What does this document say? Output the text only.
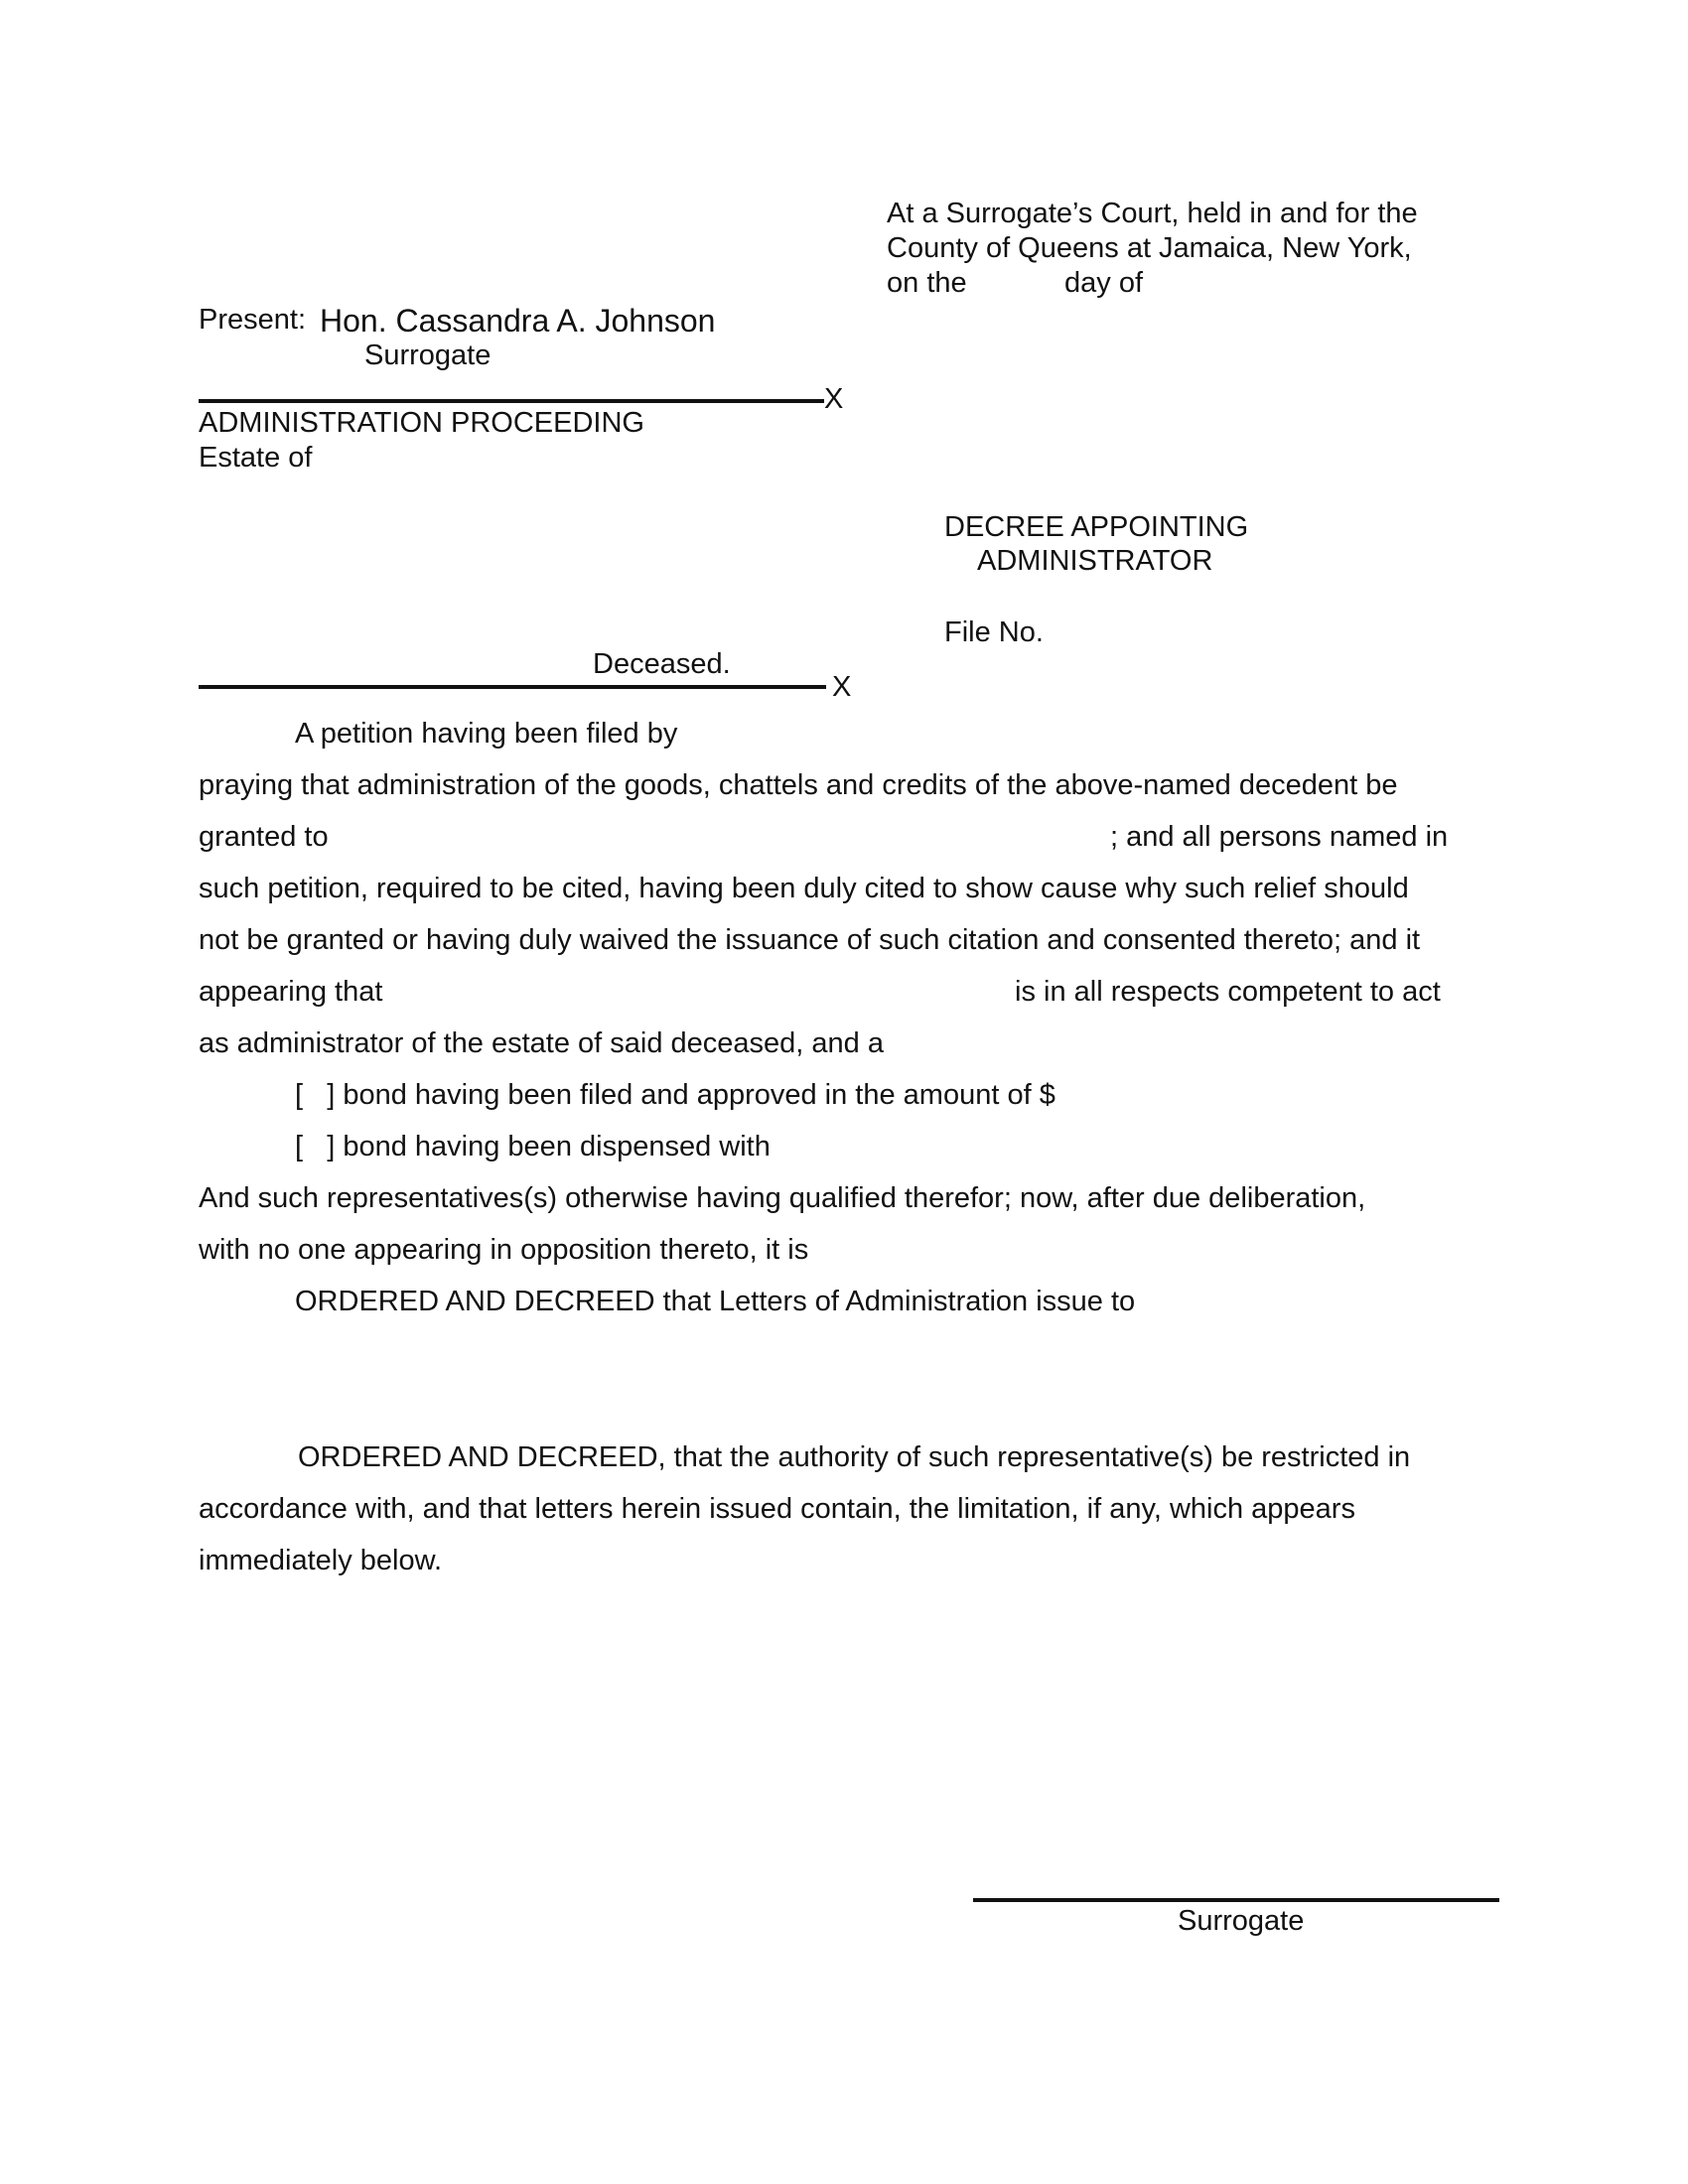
At a Surrogate’s Court, held in and for the
County of Queens at Jamaica, New York,
on the	day of
Present: Hon. Cassandra A. Johnson
Surrogate
X
ADMINISTRATION PROCEEDING
Estate of
DECREE APPOINTING
ADMINISTRATOR
File No.
Deceased.
X
A petition having been filed by
praying that administration of the goods, chattels and credits of the above-named decedent be
granted to	; and all persons named in
such petition, required to be cited, having been duly cited to show cause why such relief should
not be granted or having duly waived the issuance of such citation and consented thereto; and it
appearing that	is in all respects competent to act
as administrator of the estate of said deceased, and a
[   ] bond having been filed and approved in the amount of $
[   ] bond having been dispensed with
And such representatives(s) otherwise having qualified therefor; now, after due deliberation,
with no one appearing in opposition thereto, it is
ORDERED AND DECREED that Letters of Administration issue to
ORDERED AND DECREED, that the authority of such representative(s) be restricted in
accordance with, and that letters herein issued contain, the limitation, if any, which appears
immediately below.
Surrogate
